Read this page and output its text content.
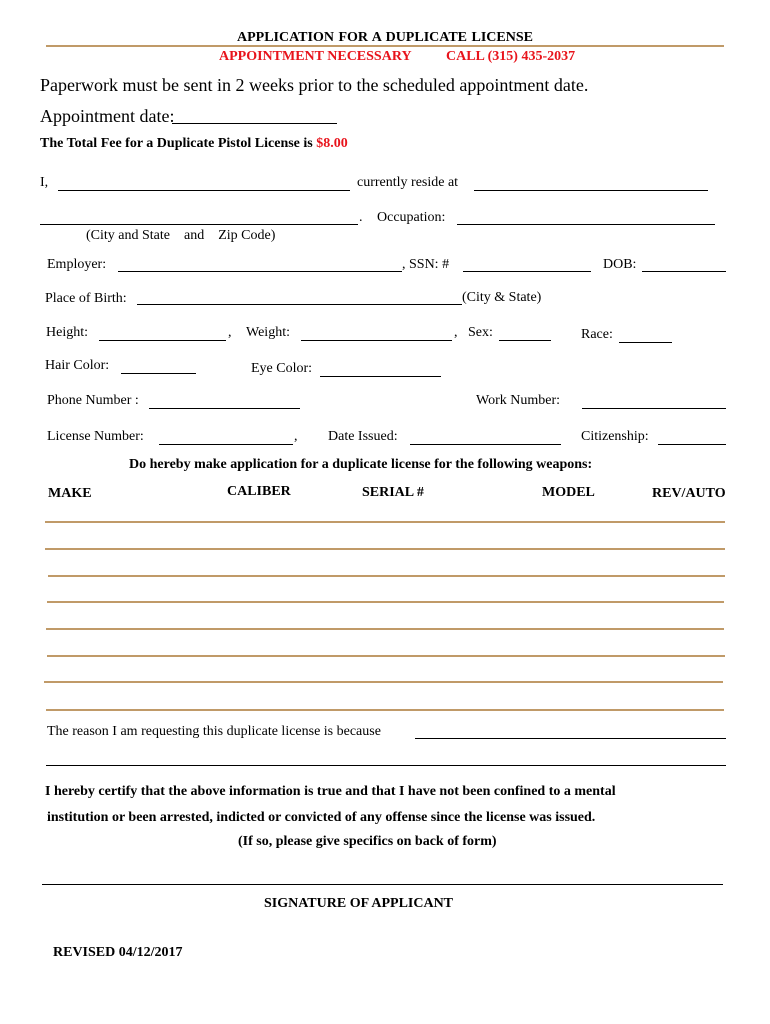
APPLICATION FOR A DUPLICATE LICENSE
APPOINTMENT NECESSARY CALL (315) 435-2037
Paperwork must be sent in 2 weeks prior to the scheduled appointment date.
Appointment date:
The Total Fee for a Duplicate Pistol License is $8.00
I,	currently reside at
. Occupation:
(City and State    and    Zip Code)
Employer:	, SSN: #	DOB:
Place of Birth:	(City & State)
Height:	, Weight:	, Sex:	Race:
Hair Color:	Eye Color:
Phone Number :	Work Number:
License Number:	, Date Issued:	Citizenship:
Do hereby make application for a duplicate license for the following weapons:
MAKE	CALIBER	SERIAL #	MODEL	REV/AUTO
The reason I am requesting this duplicate license is because
I hereby certify that the above information is true and that I have not been confined to a mental
institution or been arrested, indicted or convicted of any offense since the license was issued.
(If so, please give specifics on back of form)
SIGNATURE OF APPLICANT
REVISED 04/12/2017
